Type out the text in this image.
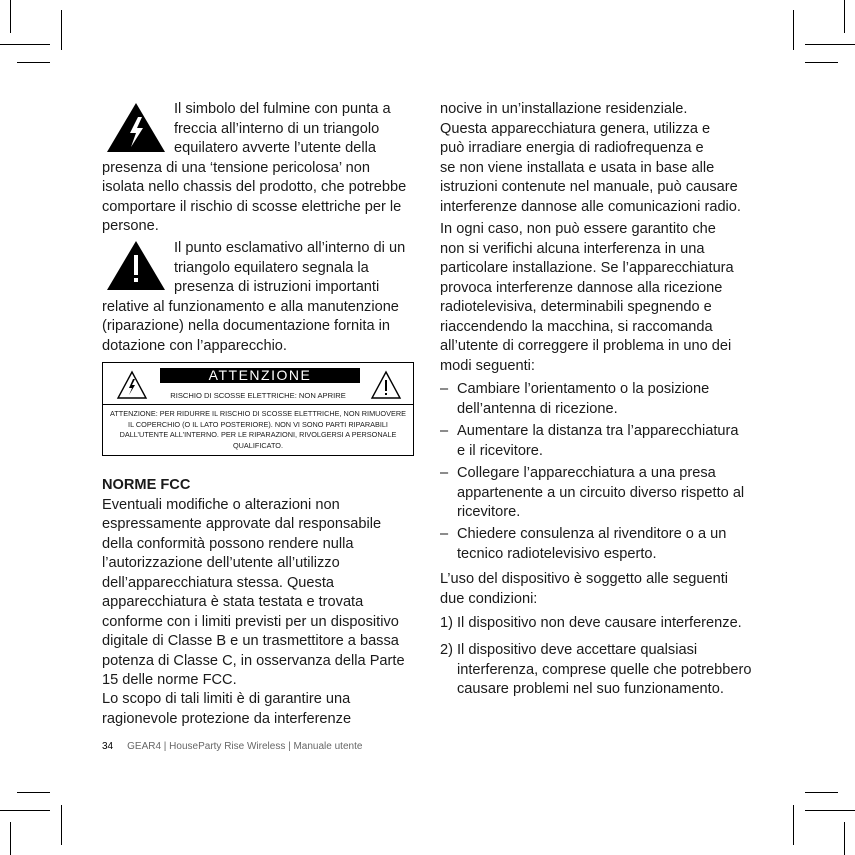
Il simbolo del fulmine con punta a
freccia all’interno di un triangolo
equilatero avverte l’utente della
presenza di una ‘tensione pericolosa’ non
isolata nello chassis del prodotto, che potrebbe
comportare il rischio di scosse elettriche per le
persone.
Il punto esclamativo all’interno di un
triangolo equilatero segnala la
presenza di istruzioni importanti
relative al funzionamento e alla manutenzione
(riparazione) nella documentazione fornita in
dotazione con l’apparecchio.
ATTENZIONE
RISCHIO DI SCOSSE ELETTRICHE: NON APRIRE
ATTENZIONE: PER RIDURRE IL RISCHIO DI SCOSSE ELETTRICHE, NON RIMUOVERE IL COPERCHIO (O IL LATO POSTERIORE). NON VI SONO PARTI RIPARABILI DALL’UTENTE ALL’INTERNO. PER LE RIPARAZIONI, RIVOLGERSI A PERSONALE QUALIFICATO.
NORME FCC
Eventuali modifiche o alterazioni non
espressamente approvate dal responsabile
della conformità possono rendere nulla
l’autorizzazione dell’utente all’utilizzo
dell’apparecchiatura stessa. Questa
apparecchiatura è stata testata e trovata
conforme con i limiti previsti per un dispositivo
digitale di Classe B e un trasmettitore a bassa
potenza di Classe C, in osservanza della Parte
15 delle norme FCC.
Lo scopo di tali limiti è di garantire una
ragionevole protezione da interferenze
nocive in un’installazione residenziale.
Questa apparecchiatura genera, utilizza e
può irradiare energia di radiofrequenza e
se non viene installata e usata in base alle
istruzioni contenute nel manuale, può causare
interferenze dannose alle comunicazioni radio.
In ogni caso, non può essere garantito che
non si verifichi alcuna interferenza in una
particolare installazione. Se l’apparecchiatura
provoca interferenze dannose alla ricezione
radiotelevisiva, determinabili spegnendo e
riaccendendo la macchina, si raccomanda
all’utente di correggere il problema in uno dei
modi seguenti:
– Cambiare l’orientamento o la posizione
dell’antenna di ricezione.
– Aumentare la distanza tra l’apparecchiatura
e il ricevitore.
– Collegare l’apparecchiatura a una presa
appartenente a un circuito diverso rispetto al
ricevitore.
– Chiedere consulenza al rivenditore o a un
tecnico radiotelevisivo esperto.
L’uso del dispositivo è soggetto alle seguenti
due condizioni:
1) Il dispositivo non deve causare interferenze.
2) Il dispositivo deve accettare qualsiasi
interferenza, comprese quelle che potrebbero
causare problemi nel suo funzionamento.
34 GEAR4 | HouseParty Rise Wireless | Manuale utente
